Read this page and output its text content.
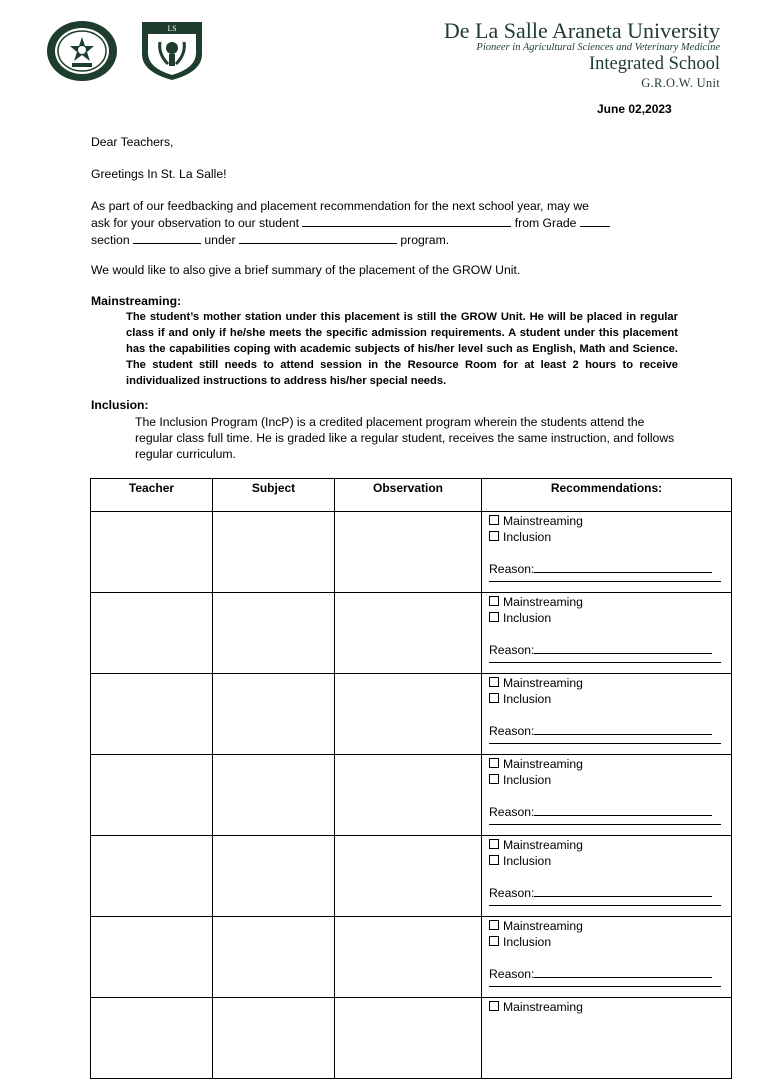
I.S	De La Salle Araneta University
Pioneer in Agricultural Sciences and Veterinary Medicine
Integrated School
G.R.O.W. Unit
June 02,2023
Dear Teachers,
Greetings In St. La Salle!
As part of our feedbacking and placement recommendation for the next school year, may we
ask for your observation to our student	from Grade
section	under	program.
We would like to also give a brief summary of the placement of the GROW Unit.
Mainstreaming:
The student’s mother station under this placement is still the GROW Unit. He will be placed in regular class if and only if he/she meets the specific admission requirements. A student under this placement has the capabilities coping with academic subjects of his/her level such as English, Math and Science. The student still needs to attend session in the Resource Room for at least 2 hours to receive individualized instructions to address his/her special needs.
Inclusion:
The Inclusion Program (IncP) is a credited placement program wherein the students attend the regular class full time. He is graded like a regular student, receives the same instruction, and follows regular curriculum.
Teacher	Subject	Observation	Recommendations:

			Mainstreaming
Inclusion
Reason:

			Mainstreaming
Inclusion
Reason:

			Mainstreaming
Inclusion
Reason:

			Mainstreaming
Inclusion
Reason:

			Mainstreaming
Inclusion
Reason:

			Mainstreaming
Inclusion
Reason:

			Mainstreaming
